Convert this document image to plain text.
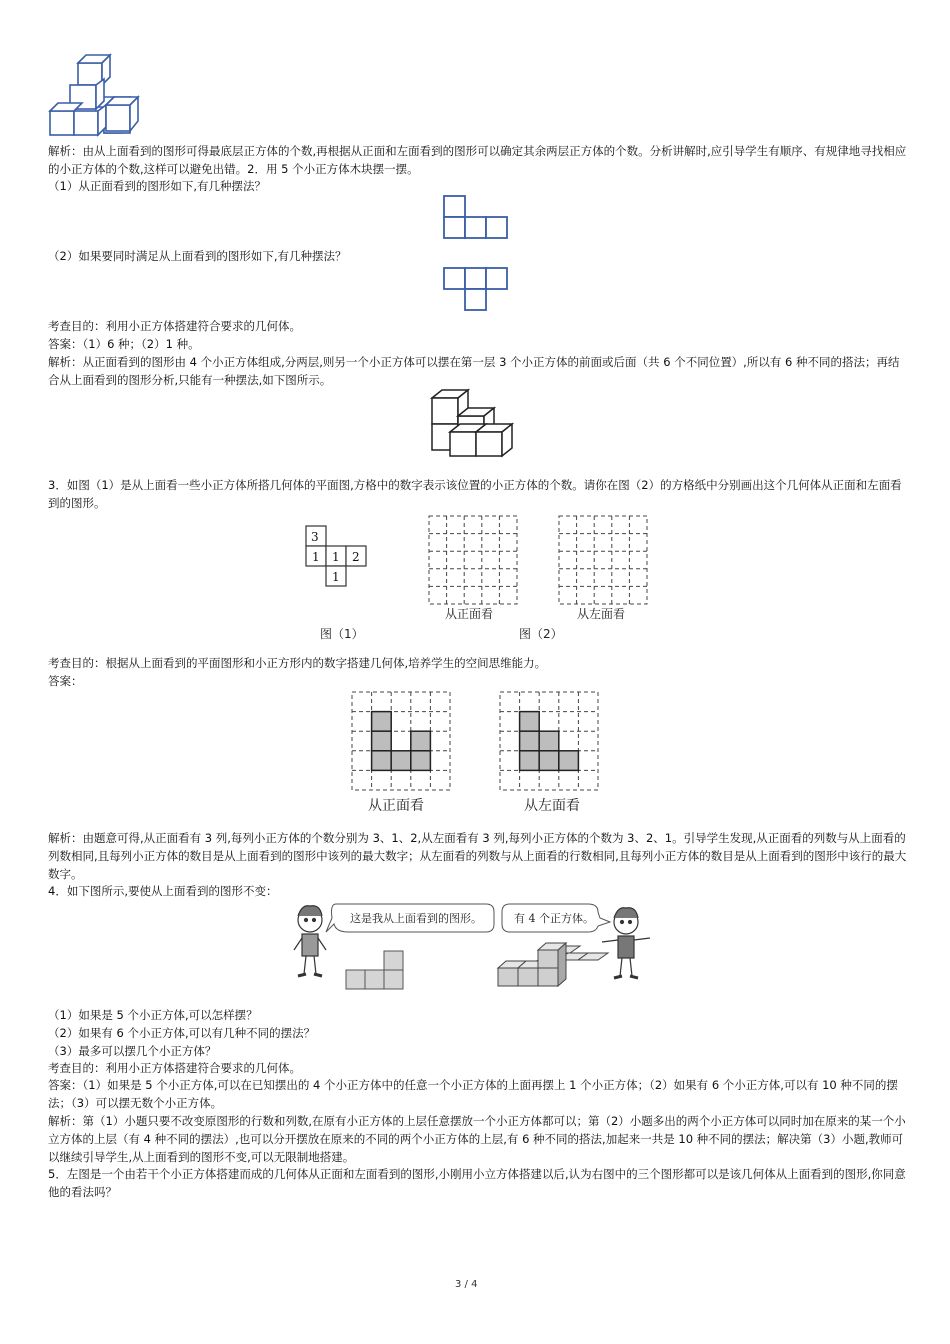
解析：由从上面看到的图形可得最底层正方体的个数,再根据从正面和左面看到的图形可以确定其余两层正方体的个数。分析讲解时,应引导学生有顺序、有规律地寻找相应的小正方体的个数,这样可以避免出错。2．用 5 个小正方体木块摆一摆。
（1）从正面看到的图形如下,有几种摆法？
（2）如果要同时满足从上面看到的图形如下,有几种摆法？
考查目的：利用小正方体搭建符合要求的几何体。
答案：（1）6 种；（2）1 种。
解析：从正面看到的图形由 4 个小正方体组成,分两层,则另一个小正方体可以摆在第一层 3 个小正方体的前面或后面（共 6 个不同位置）,所以有 6 种不同的搭法；再结合从上面看到的图形分析,只能有一种摆法,如下图所示。
3．如图（1）是从上面看一些小正方体所搭几何体的平面图,方格中的数字表示该位置的小正方体的个数。请你在图（2）的方格纸中分别画出这个几何体从正面和左面看到的图形。
3
1 1 2
1
图（1）
从正面看	从左面看
图（2）
考查目的：根据从上面看到的平面图形和小正方形内的数字搭建几何体,培养学生的空间思维能力。
答案：
从正面看	从左面看
解析：由题意可得,从正面看有 3 列,每列小正方体的个数分别为 3、1、2,从左面看有 3 列,每列小正方体的个数为 3、2、1。引导学生发现,从正面看的列数与从上面看的列数相同,且每列小正方体的数目是从上面看到的图形中该列的最大数字；从左面看的列数与从上面看的行数相同,且每列小正方体的数目是从上面看到的图形中该行的最大数字。
4．如下图所示,要使从上面看到的图形不变：
这是我从上面看到的图形。	有 4 个正方体。
（1）如果是 5 个小正方体,可以怎样摆？
（2）如果有 6 个小正方体,可以有几种不同的摆法？
（3）最多可以摆几个小正方体？
考查目的：利用小正方体搭建符合要求的几何体。
答案：（1）如果是 5 个小正方体,可以在已知摆出的 4 个小正方体中的任意一个小正方体的上面再摆上 1 个小正方体；（2）如果有 6 个小正方体,可以有 10 种不同的摆法；（3）可以摆无数个小正方体。
解析：第（1）小题只要不改变原图形的行数和列数,在原有小正方体的上层任意摆放一个小正方体都可以；第（2）小题多出的两个小正方体可以同时加在原来的某一个小立方体的上层（有 4 种不同的摆法）,也可以分开摆放在原来的不同的两个小正方体的上层,有 6 种不同的搭法,加起来一共是 10 种不同的摆法；解决第（3）小题,教师可以继续引导学生,从上面看到的图形不变,可以无限制地搭建。
5．左图是一个由若干个小正方体搭建而成的几何体从正面和左面看到的图形,小刚用小立方体搭建以后,认为右图中的三个图形都可以是该几何体从上面看到的图形,你同意他的看法吗？
3 / 4
